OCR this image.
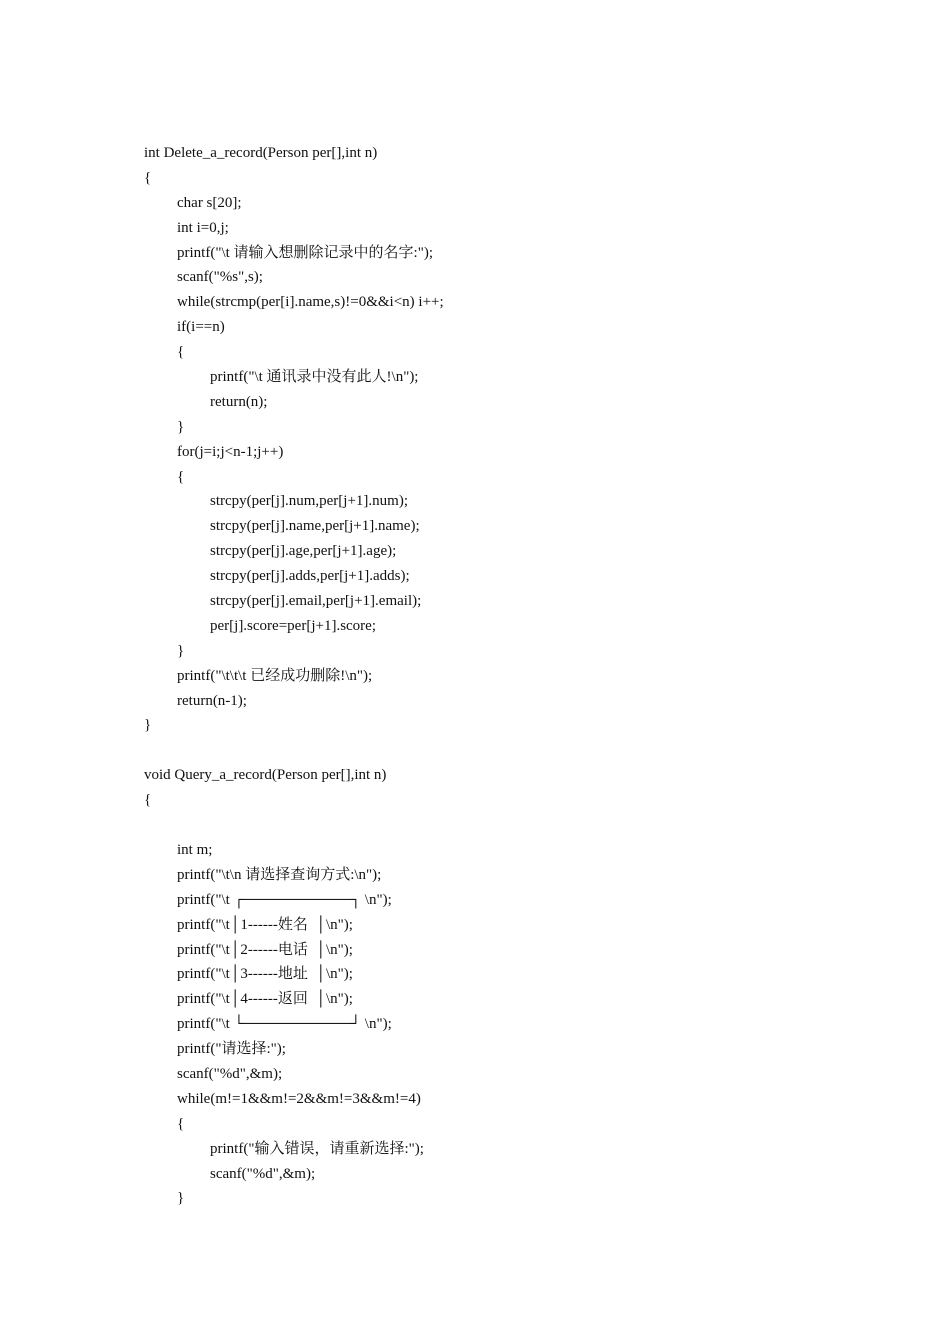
int Delete_a_record(Person per[],int n)
{
char s[20];
int i=0,j;
printf("\t 请输入想删除记录中的名字:");
scanf("%s",s);
while(strcmp(per[i].name,s)!=0&&i<n) i++;
if(i==n)
{
printf("\t 通讯录中没有此人!\n");
return(n);
}
for(j=i;j<n-1;j++)
{
strcpy(per[j].num,per[j+1].num);
strcpy(per[j].name,per[j+1].name);
strcpy(per[j].age,per[j+1].age);
strcpy(per[j].adds,per[j+1].adds);
strcpy(per[j].email,per[j+1].email);
per[j].score=per[j+1].score;
}
printf("\t\t\t 已经成功删除!\n");
return(n-1);
}
void Query_a_record(Person per[],int n)
{
int m;
printf("\t\n 请选择查询方式:\n");
printf("\t ┌──────────┐ \n");
printf("\t│1------姓名  │\n");
printf("\t│2------电话  │\n");
printf("\t│3------地址  │\n");
printf("\t│4------返回  │\n");
printf("\t └──────────┘ \n");
printf("请选择:");
scanf("%d",&m);
while(m!=1&&m!=2&&m!=3&&m!=4)
{
printf("输入错误，请重新选择:");
scanf("%d",&m);
}
